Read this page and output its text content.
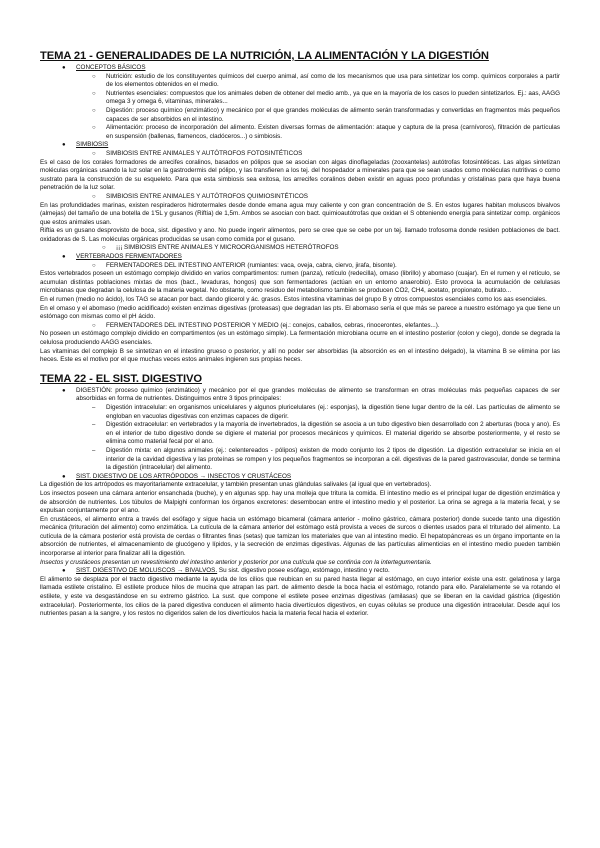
TEMA 21 - GENERALIDADES DE LA NUTRICIÓN, LA ALIMENTACIÓN Y LA DIGESTIÓN
●	CONCEPTOS BÁSICOS
○	Nutrición: estudio de los constituyentes químicos del cuerpo animal, así como de los mecanismos que usa para sintetizar los comp. químicos corporales a partir de los elementos obtenidos en el medio.
○	Nutrientes esenciales: compuestos que los animales deben de obtener del medio amb., ya que en la mayoría de los casos lo pueden sintetizarlos. Ej.: aas, AAGG omega 3 y omega 6, vitaminas, minerales...
○	Digestión: proceso químico (enzimático) y mecánico por el que grandes moléculas de alimento serán transformadas y convertidas en fragmentos más pequeños capaces de ser absorbidos en el intestino.
○	Alimentación: proceso de incorporación del alimento. Existen diversas formas de alimentación: ataque y captura de la presa (carnívoros), filtración de partículas en suspensión (ballenas, flamencos, cladóceros...) o simbiosis.
●	SIMBIOSIS
○	SIMBIOSIS ENTRE ANIMALES Y AUTÓTROFOS FOTOSINTÉTICOS
Es el caso de los corales formadores de arrecifes coralinos, basados en pólipos que se asocian con algas dinoflageladas (zooxantelas) autótrofas fotosintéticas. Las algas sintetizan moléculas orgánicas usando la luz solar en la gastrodermis del pólipo, y las transfieren a los tej. del hospedador a minerales para que se sean usados como moléculas nutritivas o como sustrato para la construcción de su esqueleto. Para que esta simbiosis sea exitosa, los arrecifes coralinos deben existir en aguas poco profundas y cristalinas para que haya buena penetración de la luz solar.
○	SIMBIOSIS ENTRE ANIMALES Y AUTÓTROFOS QUIMIOSINTÉTICOS
En las profundidades marinas, existen respiraderos hidrotermales desde donde emana agua muy caliente y con gran concentración de S. En estos lugares habitan moluscos bivalvos (almejas) del tamaño de una botella de 1'5L y gusanos (Riftia) de 1,5m. Ambos se asocian con bact. quimioautótrofas que oxidan el S obteniendo energía para sintetizar comp. orgánicos que estos animales usan.
Riftia es un gusano desprovisto de boca, sist. digestivo y ano. No puede ingerir alimentos, pero se cree que se cebe por un tej. llamado trofosoma donde residen poblaciones de bact. oxidadoras de S. Las moléculas orgánicas producidas se usan como comida por el gusano.
○	¡¡¡ SIMBIOSIS ENTRE ANIMALES Y MICROORGANISMOS HETERÓTROFOS
●	VERTEBRADOS FERMENTADORES
○	FERMENTADORES DEL INTESTINO ANTERIOR (rumiantes: vaca, oveja, cabra, ciervo, jirafa, bisonte).
Estos vertebrados poseen un estómago complejo dividido en varios compartimentos: rumen (panza), retículo (redecilla), omaso (librillo) y abomaso (cuajar). En el rumen y el retículo, se acumulan distintas poblaciones mixtas de mos (bact., levaduras, hongos) que son fermentadores (actúan en un entorno anaerobio). Esto provoca la acumulación de celulasas microbianas que degradan la celulosa de la materia vegetal. No obstante, como residuo del metabolismo también se producen CO2, CH4, acetato, propionato, butirato...
En el rumen (medio no ácido), los TAG se atacan por bact. dando glicerol y ác. grasos. Estos intestina vitaminas del grupo B y otros compuestos esenciales como los aas esenciales.
En el omaso y el abomaso (medio acidificado) existen enzimas digestivas (proteasas) que degradan las pts. El abomaso sería el que más se parece a nuestro estómago ya que tiene un estómago con mismas como el pH ácido.
○	FERMENTADORES DEL INTESTINO POSTERIOR Y MEDIO (ej.: conejos, caballos, cebras, rinocerontes, elefantes...).
No poseen un estómago complejo dividido en compartimentos (es un estómago simple). La fermentación microbiana ocurre en el intestino posterior (colon y ciego), donde se degrada la celulosa produciendo AAGG esenciales.
Las vitaminas del complejo B se sintetizan en el intestino grueso o posterior, y allí no poder ser absorbidas (la absorción es en el intestino delgado), la vitamina B se elimina por las heces. Este es el motivo por el que muchas veces estos animales ingieren sus propias heces.
TEMA 22 - EL SIST. DIGESTIVO
●	DIGESTIÓN: proceso químico (enzimático) y mecánico por el que grandes moléculas de alimento se transforman en otras moléculas más pequeñas capaces de ser absorbidas en forma de nutrientes. Distinguimos entre 3 tipos principales:
–	Digestión intracelular: en organismos unicelulares y algunos pluricelulares (ej.: esponjas), la digestión tiene lugar dentro de la cél. Las partículas de alimento se engloban en vacuolas digestivas con enzimas capaces de digerir.
–	Digestión extracelular: en vertebrados y la mayoría de invertebrados, la digestión se asocia a un tubo digestivo bien desarrollado con 2 aberturas (boca y ano). Es en el interior de tubo digestivo donde se digiere el material por procesos mecánicos y químicos. El material digerido se absorbe posteriormente, y el resto se elimina como material fecal por el ano.
–	Digestión mixta: en algunos animales (ej.: celentereados - pólipos) existen de modo conjunto los 2 tipos de digestión. La digestión extracelular se inicia en el interior de la cavidad digestiva y las proteínas se rompen y los pequeños fragmentos se incorporan a cél. digestivas de la pared gastrovascular, donde se termina la digestión (intracelular) del alimento.
●	SIST. DIGESTIVO DE LOS ARTRÓPODOS → INSECTOS Y CRUSTÁCEOS
La digestión de los artrópodos es mayoritariamente extracelular, y también presentan unas glándulas salivales (al igual que en vertebrados).
Los insectos poseen una cámara anterior ensanchada (buche), y en algunas spp. hay una molleja que tritura la comida. El intestino medio es el principal lugar de digestión enzimática y de absorción de nutrientes. Los túbulos de Malpighi conforman los órganos excretores: desembocan entre el intestino medio y el posterior. La orina se agrega a la materia fecal, y se expulsan conjuntamente por el ano.
En crustáceos, el alimento entra a través del esófago y sigue hacia un estómago bicameral (cámara anterior - molino gástrico, cámara posterior) donde sucede tanto una digestión mecánica (trituración del alimento) como enzimática. La cutícula de la cámara anterior del estómago está provista a veces de surcos o dientes usados para el triturado del alimento. La cutícula de la cámara posterior está provista de cerdas o filtrantes finas (setas) que tamizan los materiales que van al intestino medio. El hepatopáncreas es un órgano importante en la absorción de nutrientes, el almacenamiento de glucógeno y lípidos, y la secreción de enzimas digestivas. Algunas de las partículas alimenticias en el intestino medio pueden también incorporarse al interior para finalizar allí la digestión.
Insectos y crustáceos presentan un revestimiento del intestino anterior y posterior por una cutícula que se continúa con la intertegumentaria.
●	SIST. DIGESTIVO DE MOLUSCOS → BIVALVOS. Su sist. digestivo posee esófago, estómago, intestino y recto.
El alimento se desplaza por el tracto digestivo mediante la ayuda de los cilios que reubican en su pared hasta llegar al estómago, en cuyo interior existe una estr. gelatinosa y larga llamada estilete cristalino. El estilete produce hilos de mucina que atrapan las part. de alimento desde la boca hacia el estómago, rotando para ello. Paralelamente se va rotando el estilete, y este va desgastándose en su extremo gástrico. La sust. que compone el estilete posee enzimas digestivas (amilasas) que se liberan en la cavidad gástrica (digestión extracelular). Posteriormente, los cilios de la pared digestiva conducen el alimento hacia divertículos digestivos, en cuyas células se produce una digestión intracelular. Desde aquí los nutrientes pasan a la sangre, y los restos no digeridos salen de los divertículos hacia la materia fecal hacia el exterior.
